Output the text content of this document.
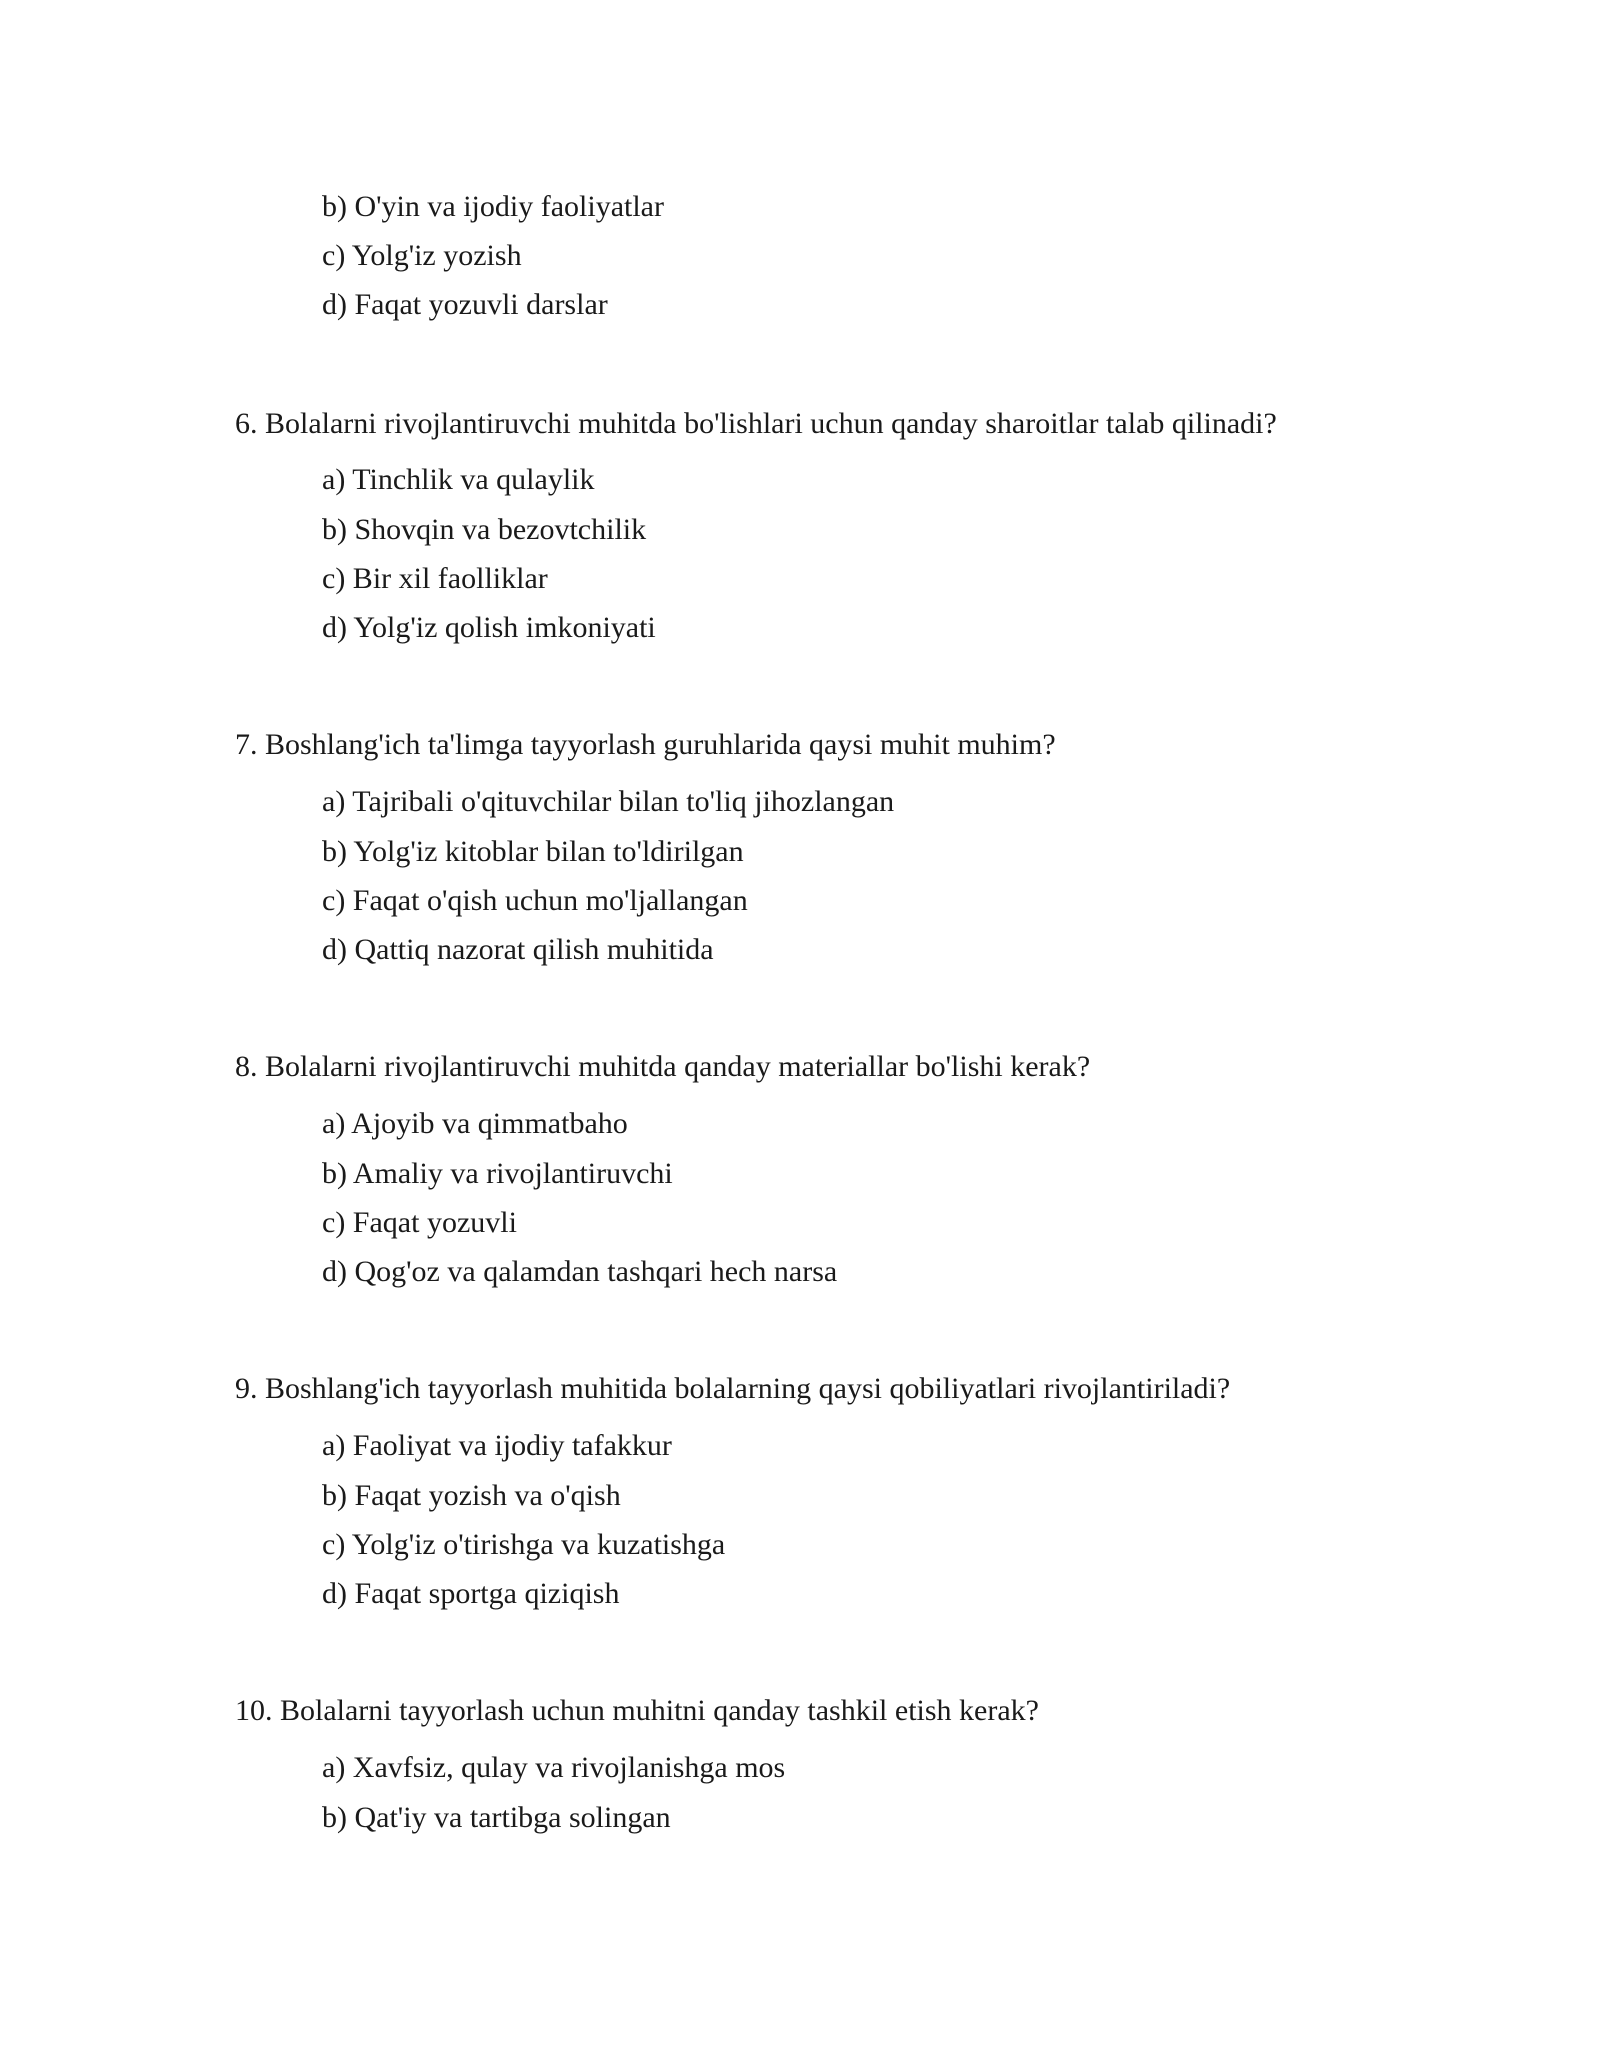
b) O'yin va ijodiy faoliyatlar
c) Yolg'iz yozish
d) Faqat yozuvli darslar
6. Bolalarni rivojlantiruvchi muhitda bo'lishlari uchun qanday sharoitlar talab qilinadi?
a) Tinchlik va qulaylik
b) Shovqin va bezovtchilik
c) Bir xil faolliklar
d) Yolg'iz qolish imkoniyati
7. Boshlang'ich ta'limga tayyorlash guruhlarida qaysi muhit muhim?
a) Tajribali o'qituvchilar bilan to'liq jihozlangan
b) Yolg'iz kitoblar bilan to'ldirilgan
c) Faqat o'qish uchun mo'ljallangan
d) Qattiq nazorat qilish muhitida
8. Bolalarni rivojlantiruvchi muhitda qanday materiallar bo'lishi kerak?
a) Ajoyib va qimmatbaho
b) Amaliy va rivojlantiruvchi
c) Faqat yozuvli
d) Qog'oz va qalamdan tashqari hech narsa
9. Boshlang'ich tayyorlash muhitida bolalarning qaysi qobiliyatlari rivojlantiriladi?
a) Faoliyat va ijodiy tafakkur
b) Faqat yozish va o'qish
c) Yolg'iz o'tirishga va kuzatishga
d) Faqat sportga qiziqish
10. Bolalarni tayyorlash uchun muhitni qanday tashkil etish kerak?
a) Xavfsiz, qulay va rivojlanishga mos
b) Qat'iy va tartibga solingan
